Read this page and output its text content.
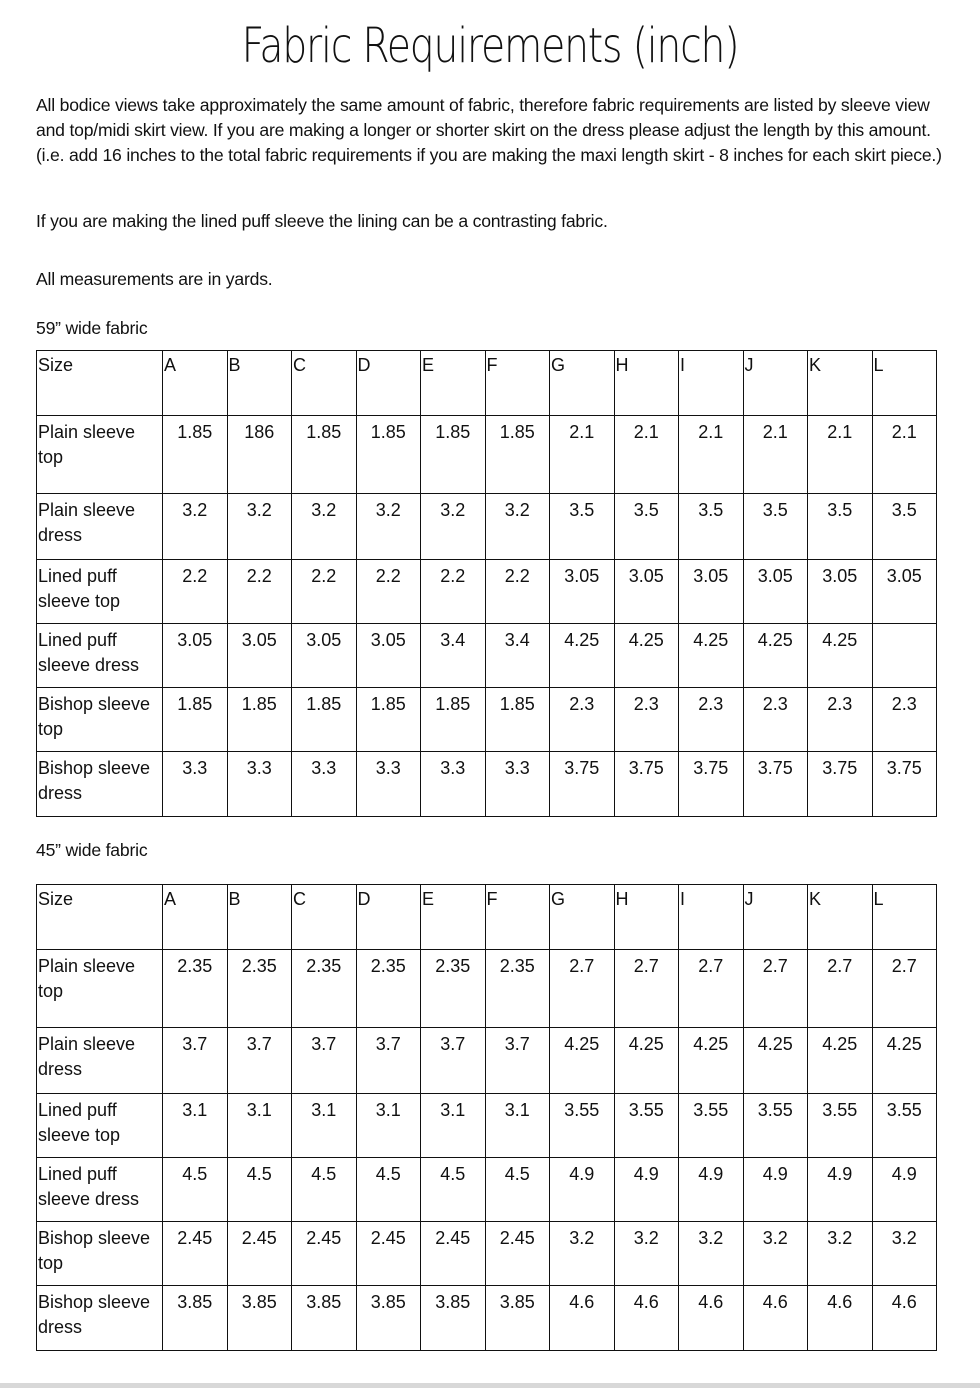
Fabric Requirements (inch)

All bodice views take approximately the same amount of fabric, therefore fabric requirements are listed by sleeve view and top/midi skirt view. If you are making a longer or shorter skirt on the dress please adjust the length by this amount. (i.e. add 16 inches to the total fabric requirements if you are making the maxi length skirt - 8 inches for each skirt piece.)

If you are making the lined puff sleeve the lining can be a contrasting fabric.

All measurements are in yards.

59” wide fabric

Size	A	B	C	D	E	F	G	H	I	J	K	L
Plain sleeve top	1.85	186	1.85	1.85	1.85	1.85	2.1	2.1	2.1	2.1	2.1	2.1
Plain sleeve dress	3.2	3.2	3.2	3.2	3.2	3.2	3.5	3.5	3.5	3.5	3.5	3.5
Lined puff sleeve top	2.2	2.2	2.2	2.2	2.2	2.2	3.05	3.05	3.05	3.05	3.05	3.05
Lined puff sleeve dress	3.05	3.05	3.05	3.05	3.4	3.4	4.25	4.25	4.25	4.25	4.25	
Bishop sleeve top	1.85	1.85	1.85	1.85	1.85	1.85	2.3	2.3	2.3	2.3	2.3	2.3
Bishop sleeve dress	3.3	3.3	3.3	3.3	3.3	3.3	3.75	3.75	3.75	3.75	3.75	3.75

45” wide fabric

Size	A	B	C	D	E	F	G	H	I	J	K	L
Plain sleeve top	2.35	2.35	2.35	2.35	2.35	2.35	2.7	2.7	2.7	2.7	2.7	2.7
Plain sleeve dress	3.7	3.7	3.7	3.7	3.7	3.7	4.25	4.25	4.25	4.25	4.25	4.25
Lined puff sleeve top	3.1	3.1	3.1	3.1	3.1	3.1	3.55	3.55	3.55	3.55	3.55	3.55
Lined puff sleeve dress	4.5	4.5	4.5	4.5	4.5	4.5	4.9	4.9	4.9	4.9	4.9	4.9
Bishop sleeve top	2.45	2.45	2.45	2.45	2.45	2.45	3.2	3.2	3.2	3.2	3.2	3.2
Bishop sleeve dress	3.85	3.85	3.85	3.85	3.85	3.85	4.6	4.6	4.6	4.6	4.6	4.6
